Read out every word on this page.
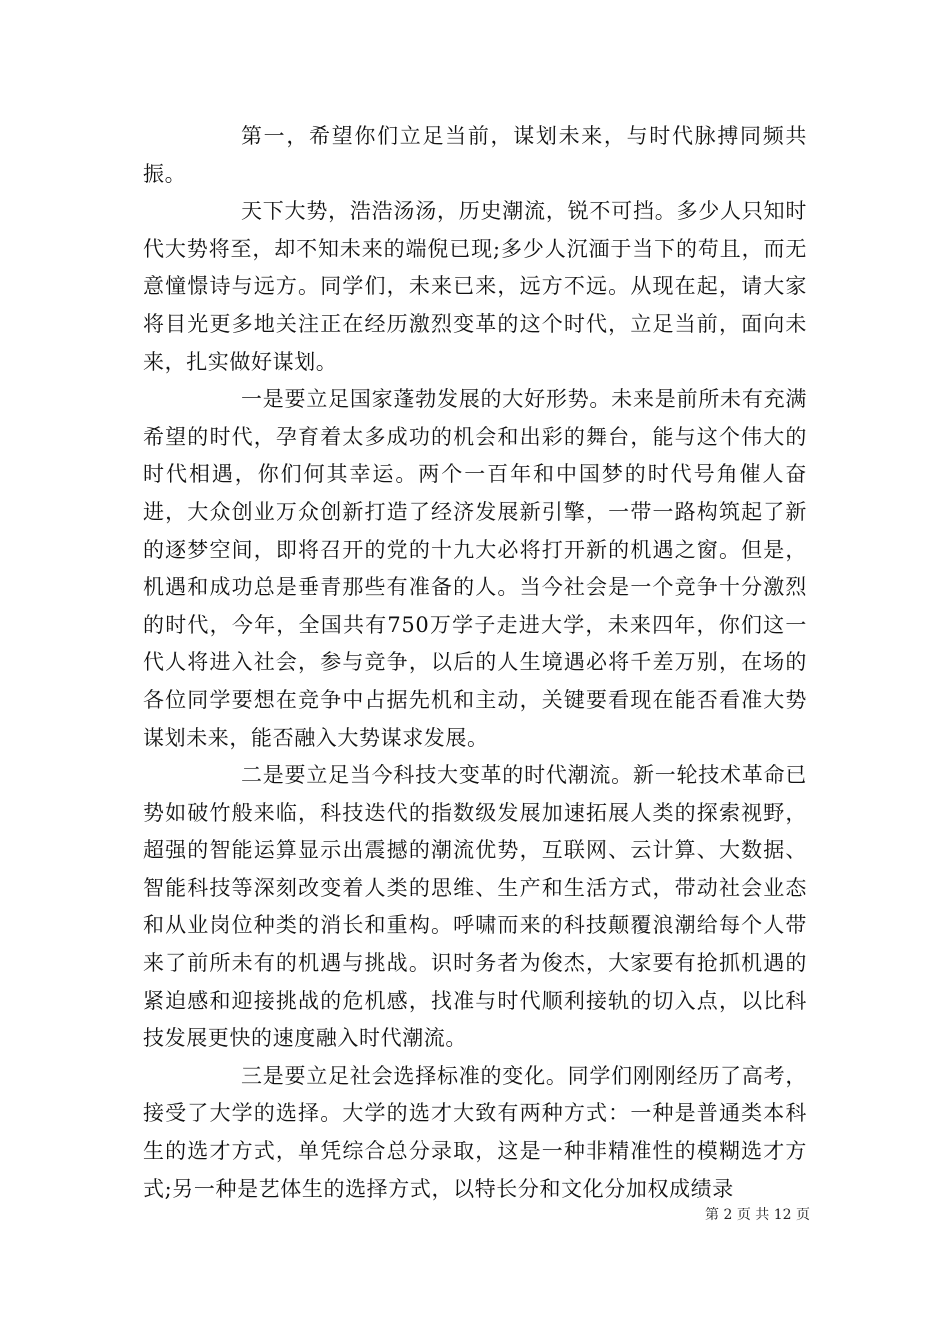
第一，希望你们立足当前，谋划未来，与时代脉搏同频共振。

天下大势，浩浩汤汤，历史潮流，锐不可挡。多少人只知时代大势将至，却不知未来的端倪已现;多少人沉湎于当下的苟且，而无意憧憬诗与远方。同学们，未来已来，远方不远。从现在起，请大家将目光更多地关注正在经历激烈变革的这个时代，立足当前，面向未来，扎实做好谋划。

一是要立足国家蓬勃发展的大好形势。未来是前所未有充满希望的时代，孕育着太多成功的机会和出彩的舞台，能与这个伟大的时代相遇，你们何其幸运。两个一百年和中国梦的时代号角催人奋进，大众创业万众创新打造了经济发展新引擎，一带一路构筑起了新的逐梦空间，即将召开的党的十九大必将打开新的机遇之窗。但是，机遇和成功总是垂青那些有准备的人。当今社会是一个竞争十分激烈的时代，今年，全国共有750万学子走进大学，未来四年，你们这一代人将进入社会，参与竞争，以后的人生境遇必将千差万别，在场的各位同学要想在竞争中占据先机和主动，关键要看现在能否看准大势谋划未来，能否融入大势谋求发展。

二是要立足当今科技大变革的时代潮流。新一轮技术革命已势如破竹般来临，科技迭代的指数级发展加速拓展人类的探索视野，超强的智能运算显示出震撼的潮流优势，互联网、云计算、大数据、智能科技等深刻改变着人类的思维、生产和生活方式，带动社会业态和从业岗位种类的消长和重构。呼啸而来的科技颠覆浪潮给每个人带来了前所未有的机遇与挑战。识时务者为俊杰，大家要有抢抓机遇的紧迫感和迎接挑战的危机感，找准与时代顺利接轨的切入点，以比科技发展更快的速度融入时代潮流。

三是要立足社会选择标准的变化。同学们刚刚经历了高考，接受了大学的选择。大学的选才大致有两种方式：一种是普通类本科生的选才方式，单凭综合总分录取，这是一种非精准性的模糊选才方式;另一种是艺体生的选择方式，以特长分和文化分加权成绩录

第 2 页 共 12 页
